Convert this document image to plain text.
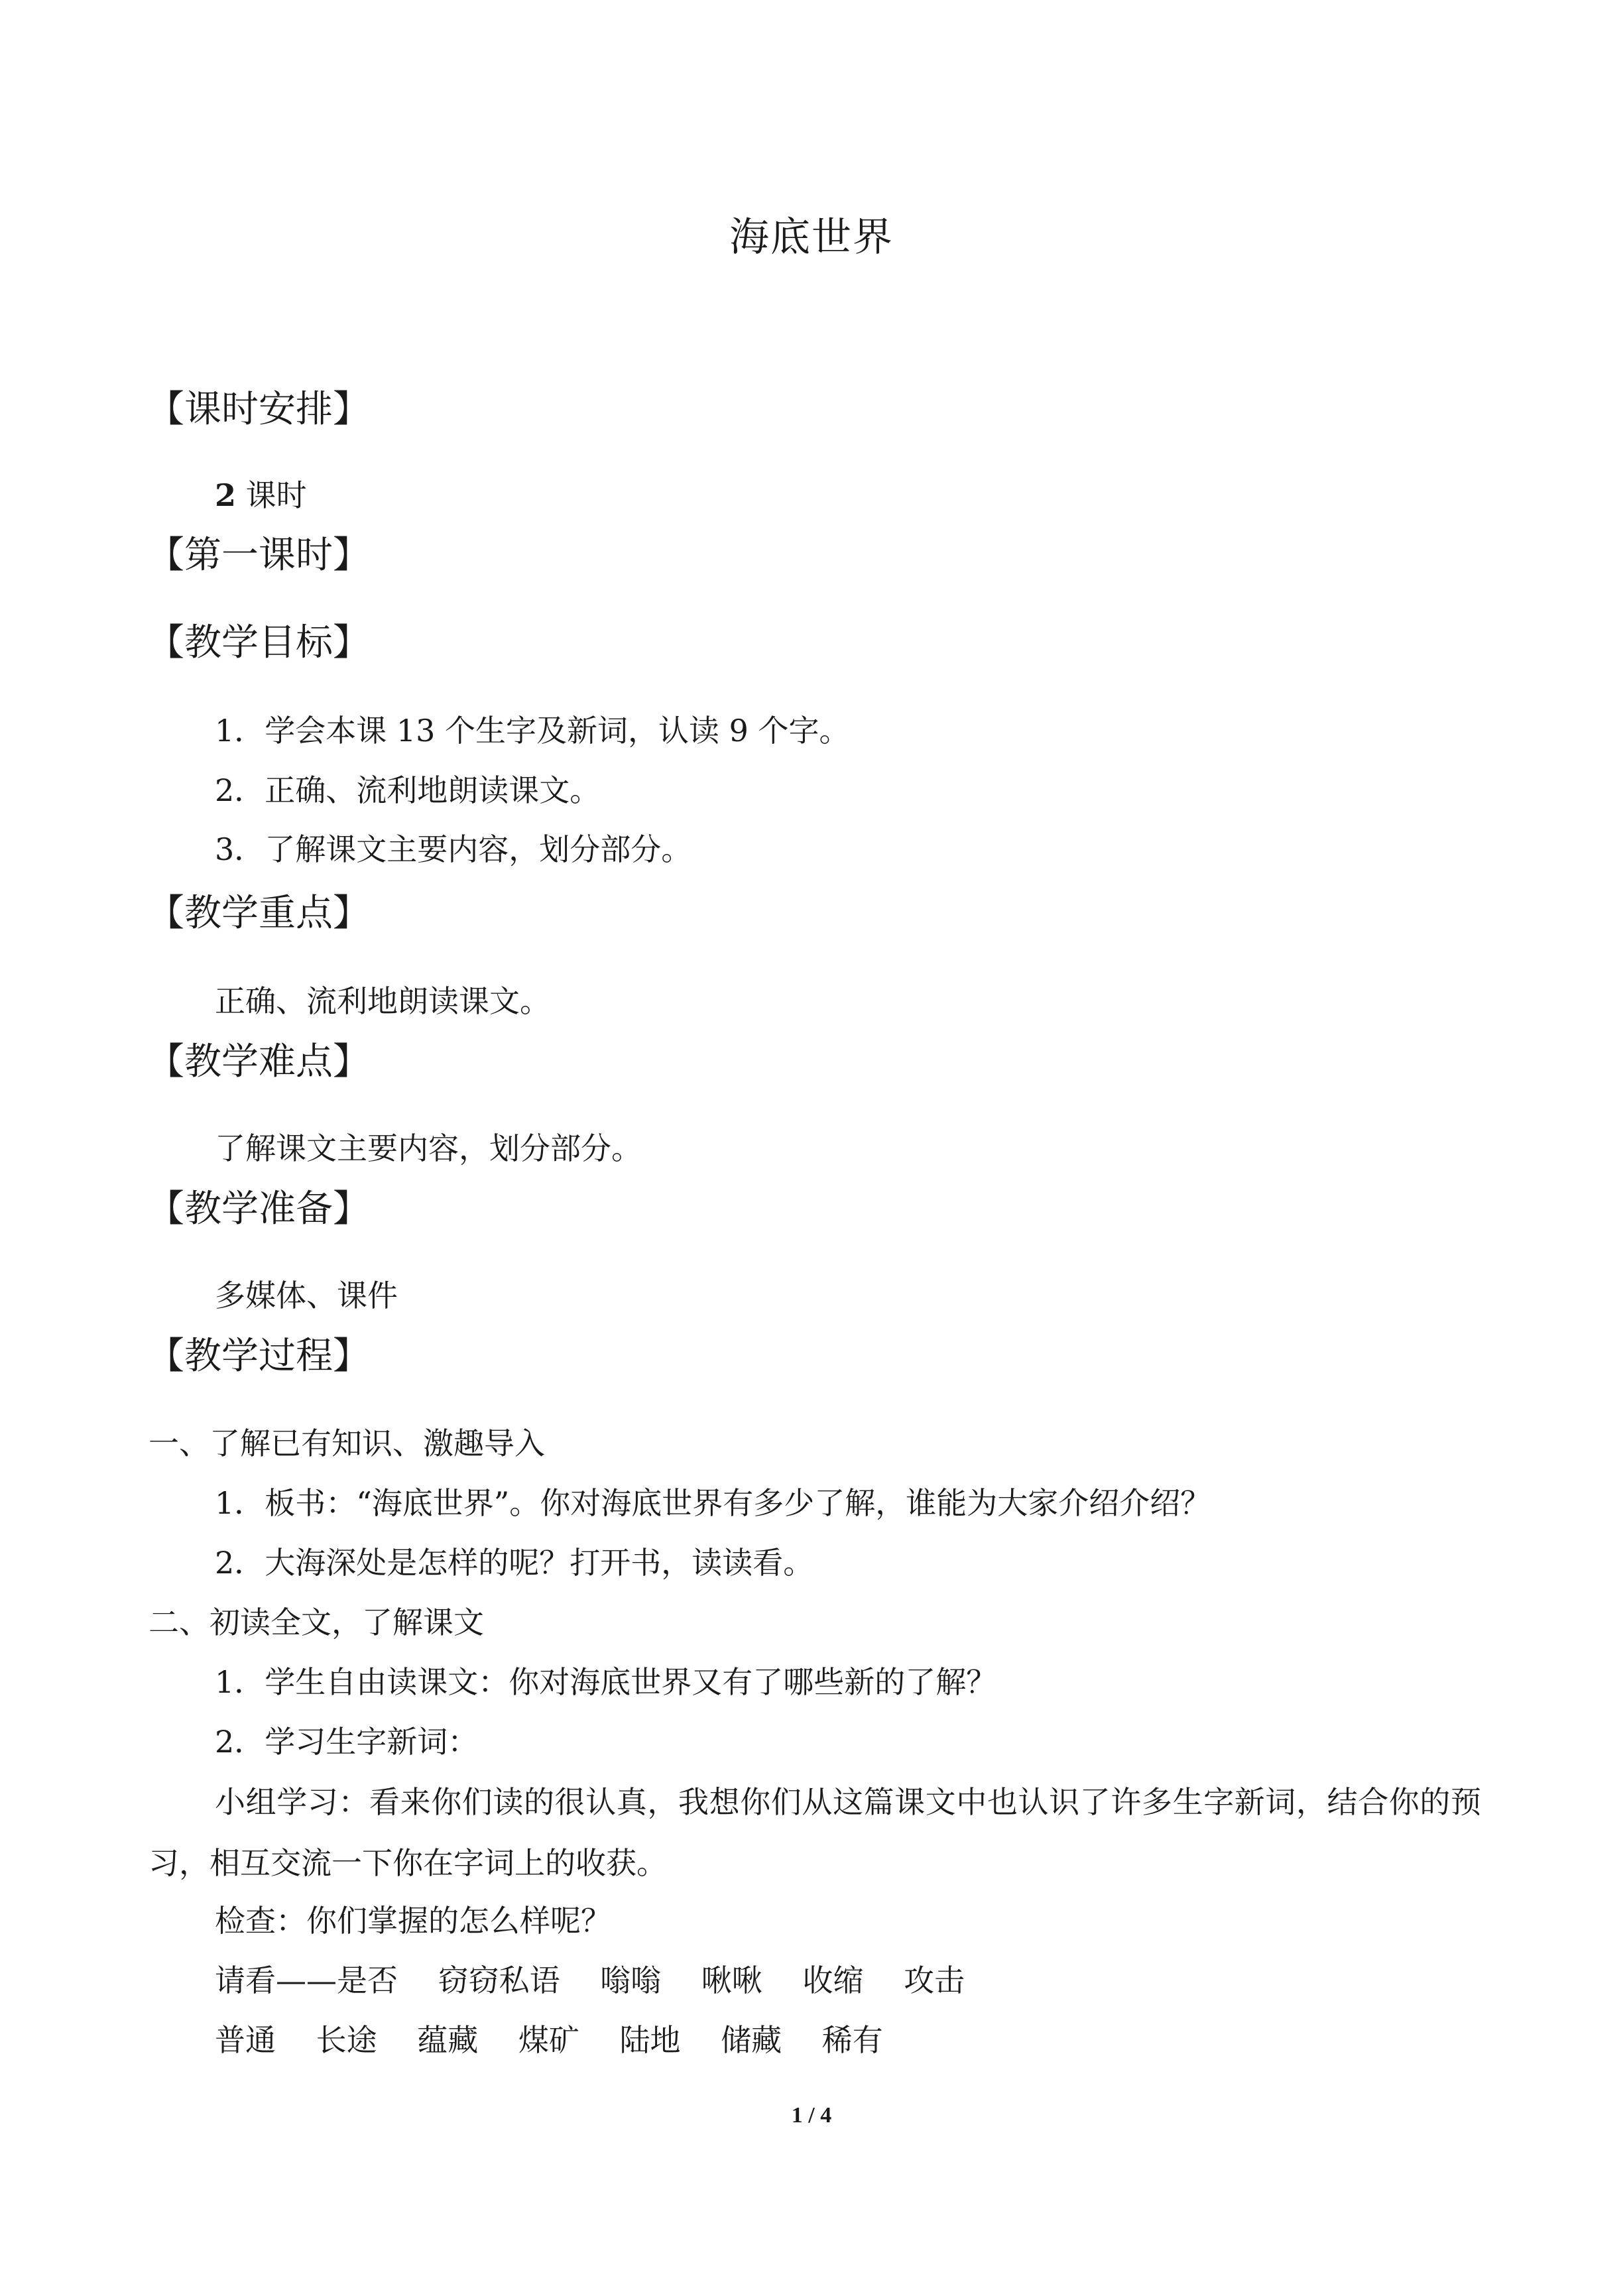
海底世界
【课时安排】
2 课时
【第一课时】
【教学目标】
1．学会本课 13 个生字及新词，认读 9 个字。
2．正确、流利地朗读课文。
3．了解课文主要内容，划分部分。
【教学重点】
正确、流利地朗读课文。
【教学难点】
了解课文主要内容，划分部分。
【教学准备】
多媒体、课件
【教学过程】
一、了解已有知识、激趣导入
1．板书：“海底世界”。你对海底世界有多少了解，谁能为大家介绍介绍？
2．大海深处是怎样的呢？打开书，读读看。
二、初读全文，了解课文
1．学生自由读课文：你对海底世界又有了哪些新的了解？
2．学习生字新词：
小组学习：看来你们读的很认真，我想你们从这篇课文中也认识了许多生字新词，结合你的预习，相互交流一下你在字词上的收获。
检查：你们掌握的怎么样呢？
请看——是否 窃窃私语 嗡嗡 啾啾 收缩 攻击
普通 长途 蕴藏 煤矿 陆地 储藏 稀有
1 / 4
